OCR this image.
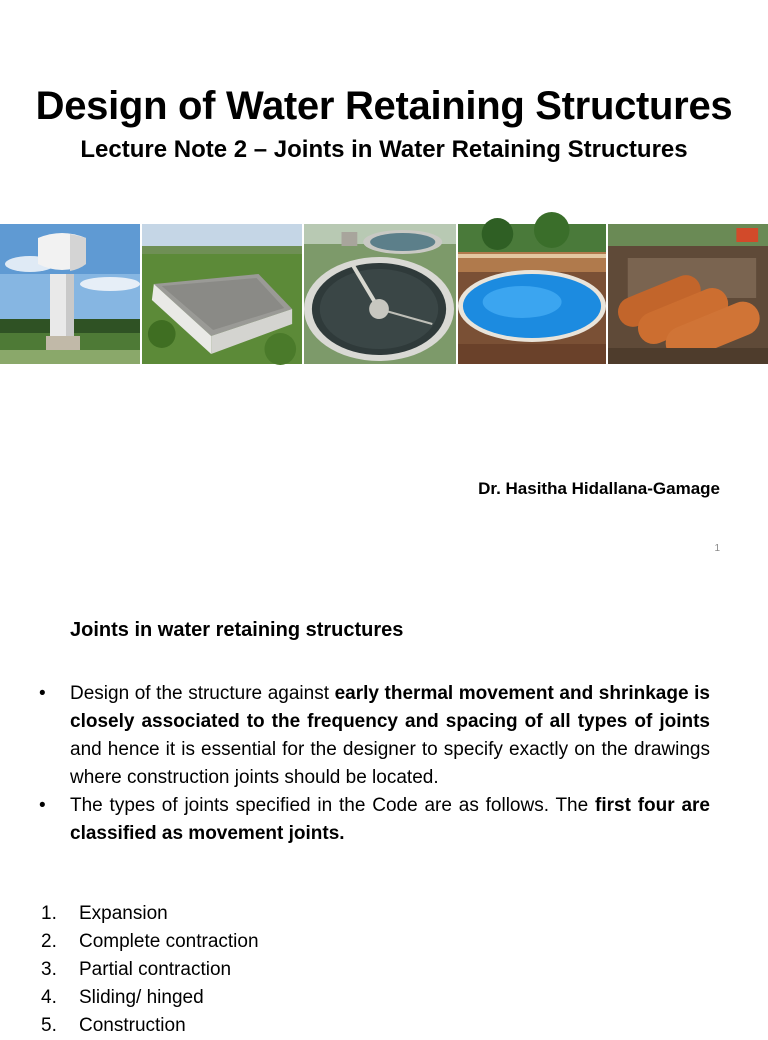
Design of Water Retaining Structures
Lecture Note 2 – Joints in Water Retaining Structures
Dr. Hasitha Hidallana-Gamage
1
Joints in water retaining structures
• Design of the structure against early thermal movement and shrinkage is closely associated to the frequency and spacing of all types of joints and hence it is essential for the designer to specify exactly on the drawings where construction joints should be located.
• The types of joints specified in the Code are as follows. The first four are classified as movement joints.
1. Expansion
2. Complete contraction
3. Partial contraction
4. Sliding/ hinged
5. Construction
